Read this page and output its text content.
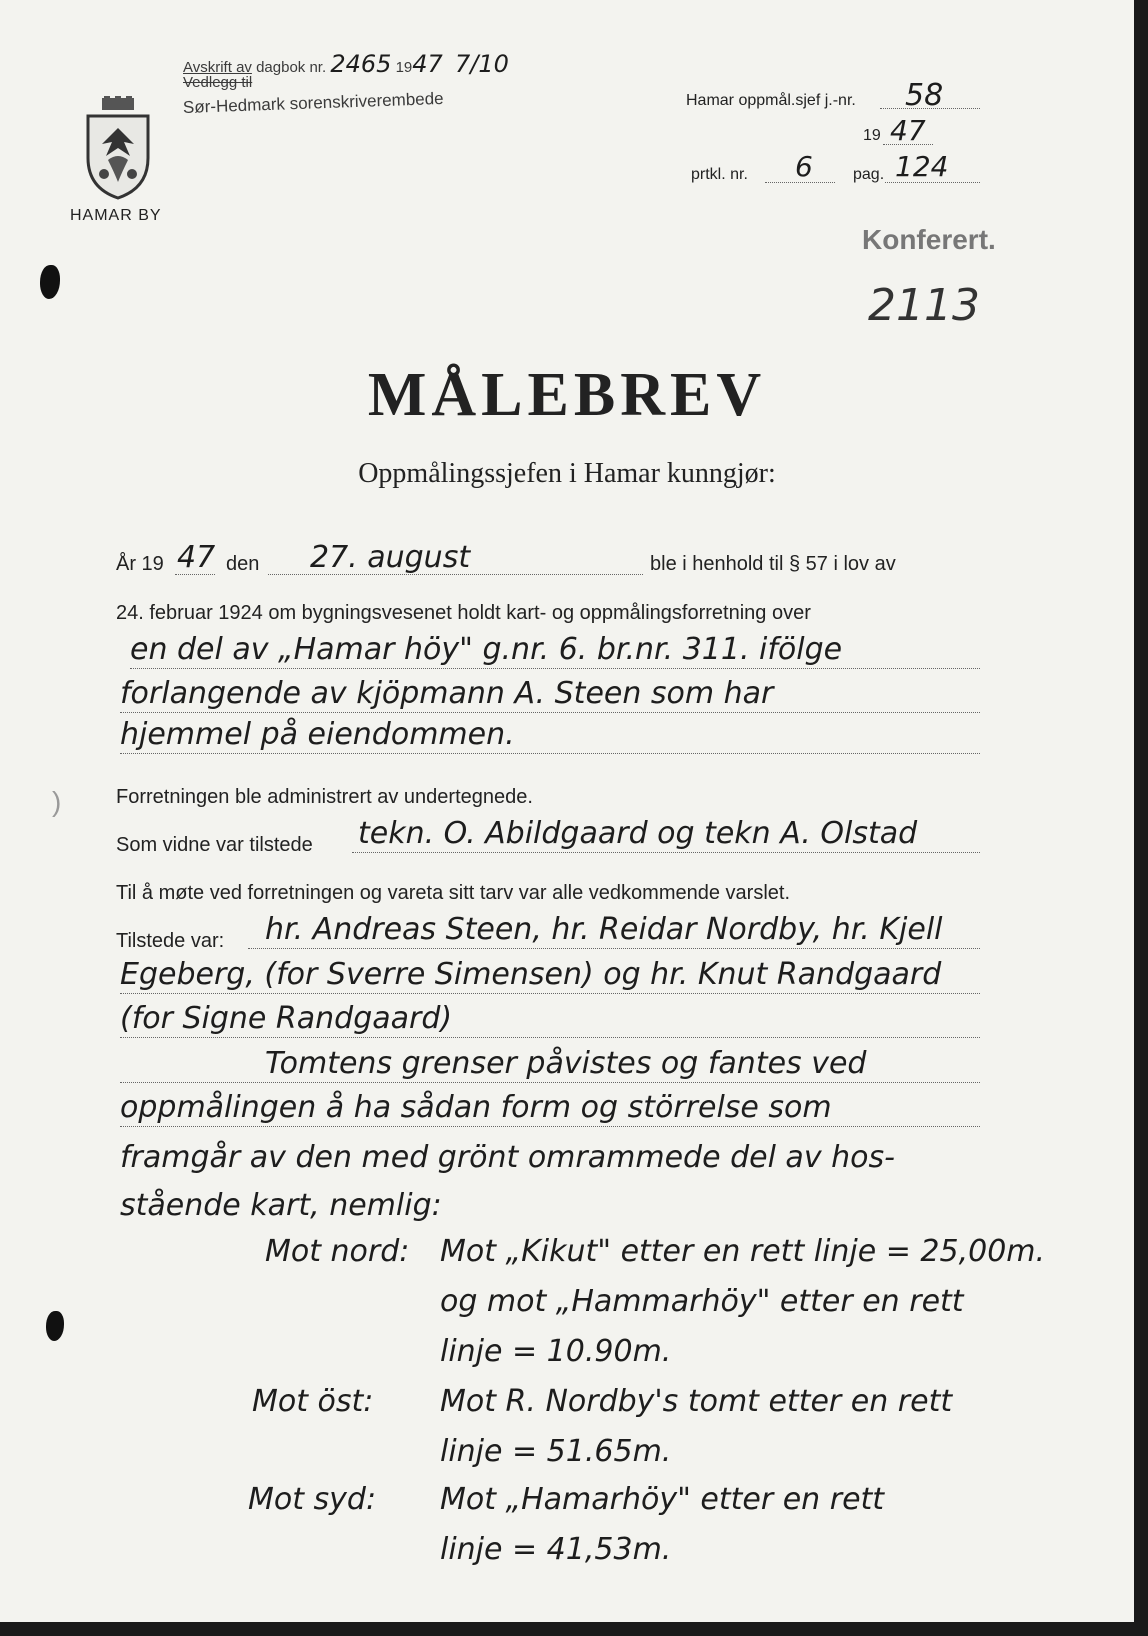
Avskrift av dagbok nr. 2465 1947 7/10
Vedlegg til
Sør-Hedmark sorenskriverembede
HAMAR BY
Hamar oppmål.sjef j.-nr. 58
19 47
prtkl. nr. 6	pag. 124
Konferert.
2113
)
MÅLEBREV
Oppmålingssjefen i Hamar kunngjør:
År 19 47 den 27. august	ble i henhold til § 57 i lov av
24. februar 1924 om bygningsvesenet holdt kart- og oppmålingsforretning over
en del av „Hamar höy" g.nr. 6. br.nr. 311. ifölge
forlangende av kjöpmann A. Steen som har
hjemmel på eiendommen.
Forretningen ble administrert av undertegnede.
Som vidne var tilstede tekn. O. Abildgaard og tekn A. Olstad
Til å møte ved forretningen og vareta sitt tarv var alle vedkommende varslet.
Tilstede var: hr. Andreas Steen, hr. Reidar Nordby, hr. Kjell
Egeberg, (for Sverre Simensen) og hr. Knut Randgaard
(for Signe Randgaard)
Tomtens grenser påvistes og fantes ved
oppmålingen å ha sådan form og störrelse som
framgår av den med grönt omrammede del av hos-
stående kart, nemlig:
Mot nord: Mot „Kikut" etter en rett linje = 25,00m.
og mot „Hammarhöy" etter en rett
linje = 10.90m.
Mot öst: Mot R. Nordby's tomt etter en rett
linje = 51.65m.
Mot syd: Mot „Hamarhöy" etter en rett
linje = 41,53m.
